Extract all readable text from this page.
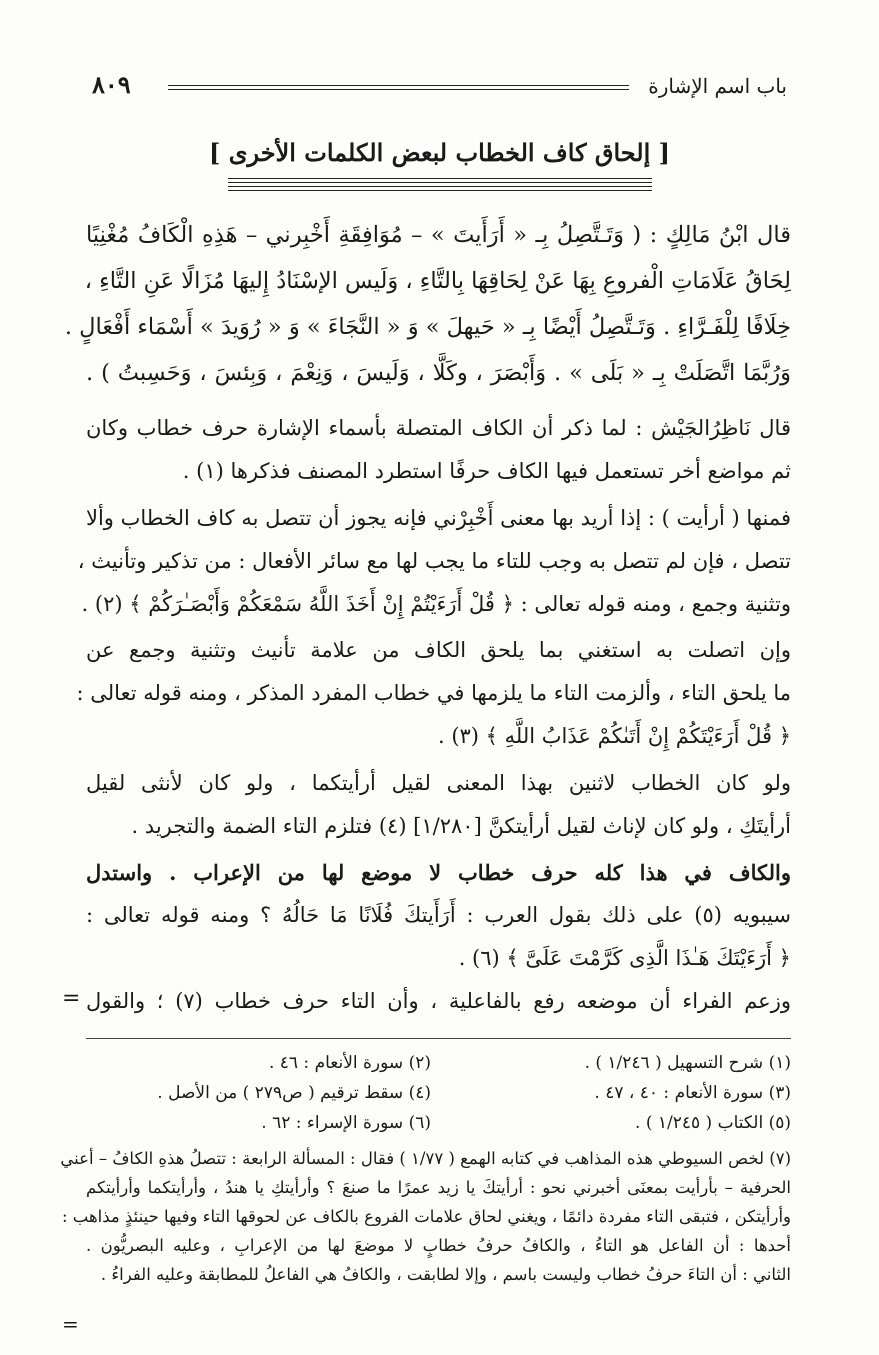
باب اسم الإشارة
٨٠٩
[ إلحاق كاف الخطاب لبعض الكلمات الأخرى ]
قال ابْنُ مَالِكٍ : ( وَتَـتَّصِلُ بِـ « أَرَأَيتَ » – مُوَافِقَةِ أَخْبِرني – هَذِهِ الْكَافُ مُغْنِيًا
لِحَاقُ عَلَامَاتِ الْفروعِ بِهَا عَنْ لِحَاقِهَا بِالتَّاءِ ، وَلَيس الإسْنَادُ إِليهَا مُزَالًا عَنِ التَّاءِ ،
خِلَافًا لِلْفَـرَّاءِ . وَتَـتَّصِلُ أَيْضًا بِـ « حَيهلَ » وَ « النَّجَاءَ » وَ « رُوَيدَ » أَسْمَاء أَفْعَالٍ .
وَرُبَّمَا اتَّصَلَتْ بِـ « بَلَى » . وَأَبْصَرَ ، وكَلَّا ، وَلَيسَ ، وَنِعْمَ ، وَبِئسَ ، وَحَسِبتُ ) .
قال نَاظِرُالجَيْش : لما ذكر أن الكاف المتصلة بأسماء الإشارة حرف خطاب وكان
ثم مواضع أخر تستعمل فيها الكاف حرفًا استطرد المصنف فذكرها (١) .
فمنها ( أرأيت ) : إذا أريد بها معنى أَخْبِرْني فإنه يجوز أن تتصل به كاف الخطاب وألا
تتصل ، فإن لم تتصل به وجب للتاء ما يجب لها مع سائر الأفعال : من تذكير وتأنيث ،
وتثنية وجمع ، ومنه قوله تعالى : ﴿ قُلْ أَرَءَيْتُمْ إِنْ أَخَذَ اللَّهُ سَمْعَكُمْ وَأَبْصَـٰرَكُمْ ﴾ (٢) .
وإن اتصلت به استغني بما يلحق الكاف من علامة تأنيث وتثنية وجمع عن
ما يلحق التاء ، وألزمت التاء ما يلزمها في خطاب المفرد المذكر ، ومنه قوله تعالى :
﴿ قُلْ أَرَءَيْتَكُمْ إِنْ أَتَىٰكُمْ عَذَابُ اللَّهِ ﴾ (٣) .
ولو كان الخطاب لاثنين بهذا المعنى لقيل أرأيتكما ، ولو كان لأنثى لقيل
أرأيتَكِ ، ولو كان لإناث لقيل أرأيتكنَّ [١/٢٨٠] (٤) فتلزم التاء الضمة والتجريد .
والكاف في هذا كله حرف خطاب لا موضع لها من الإعراب . واستدل
سيبويه (٥) على ذلك بقول العرب : أَرَأَيتكَ فُلَانًا مَا حَالُهُ ؟ ومنه قوله تعالى :
﴿ أَرَءَيْتَكَ هَـٰذَا الَّذِى كَرَّمْتَ عَلَىَّ ﴾ (٦) .
وزعم الفراء أن موضعه رفع بالفاعلية ، وأن التاء حرف خطاب (٧) ؛ والقول
=
(١) شرح التسهيل ( ١/٢٤٦ ) .
(٢) سورة الأنعام : ٤٦ .
(٣) سورة الأنعام : ٤٠ ، ٤٧ .
(٤) سقط ترقيم ( ص٢٧٩ ) من الأصل .
(٥) الكتاب ( ١/٢٤٥ ) .
(٦) سورة الإسراء : ٦٢ .
(٧) لخص السيوطي هذه المذاهب في كتابه الهمع ( ١/٧٧ ) فقال : المسألة الرابعة : تتصلُ هذهِ الكافُ – أعني
الحرفية – بأرأيت بمعنَى أخبرني نحو : أرأيتكَ يا زيد عمرًا ما صنعَ ؟ وأرأيتكِ يا هندُ ، وأرأيتكما وأرأيتكم
وأرأيتكن ، فتبقى التاء مفردة دائمًا ، ويغني لحاق علامات الفروع بالكاف عن لحوقها التاء وفيها حينئذٍ مذاهب :
أحدها : أن الفاعل هو التاءُ ، والكافُ حرفُ خطابٍ لا موضعَ لها من الإعرابِ ، وعليه البصريُّون .
الثاني : أن التاءَ حرفُ خطاب وليست باسم ، وإلا لطابقت ، والكافُ هي الفاعلُ للمطابقة وعليه الفراءُ .
=
